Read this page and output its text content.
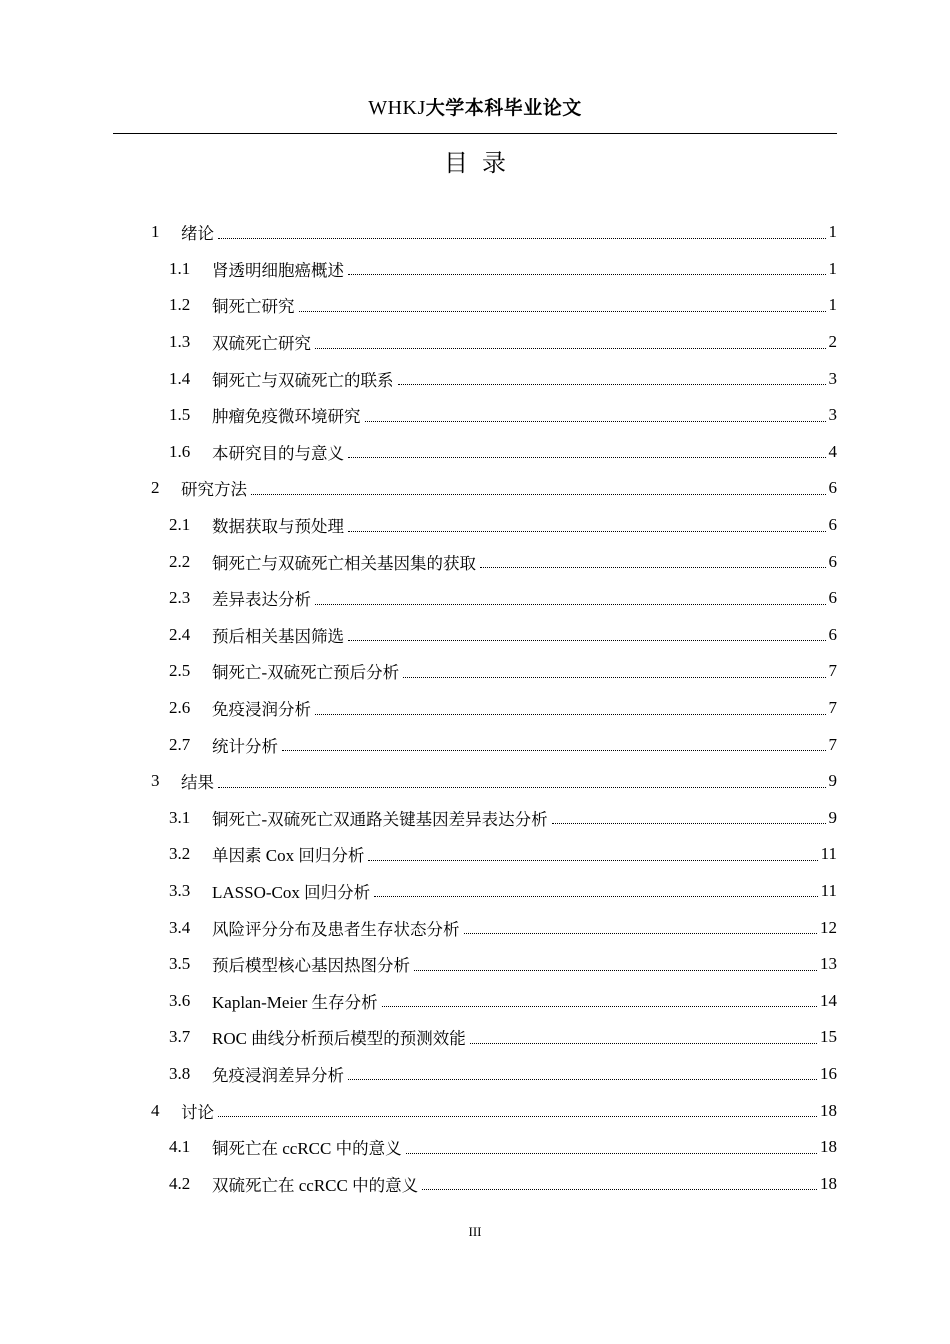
WHKJ大学本科毕业论文
目录
1	绪论	1
1.1	肾透明细胞癌概述	1
1.2	铜死亡研究	1
1.3	双硫死亡研究	2
1.4	铜死亡与双硫死亡的联系	3
1.5	肿瘤免疫微环境研究	3
1.6	本研究目的与意义	4
2	研究方法	6
2.1	数据获取与预处理	6
2.2	铜死亡与双硫死亡相关基因集的获取	6
2.3	差异表达分析	6
2.4	预后相关基因筛选	6
2.5	铜死亡-双硫死亡预后分析	7
2.6	免疫浸润分析	7
2.7	统计分析	7
3	结果	9
3.1	铜死亡-双硫死亡双通路关键基因差异表达分析	9
3.2	单因素 Cox 回归分析	11
3.3	LASSO-Cox 回归分析	11
3.4	风险评分分布及患者生存状态分析	12
3.5	预后模型核心基因热图分析	13
3.6	Kaplan-Meier 生存分析	14
3.7	ROC 曲线分析预后模型的预测效能	15
3.8	免疫浸润差异分析	16
4	讨论	18
4.1	铜死亡在 ccRCC 中的意义	18
4.2	双硫死亡在 ccRCC 中的意义	18
III
